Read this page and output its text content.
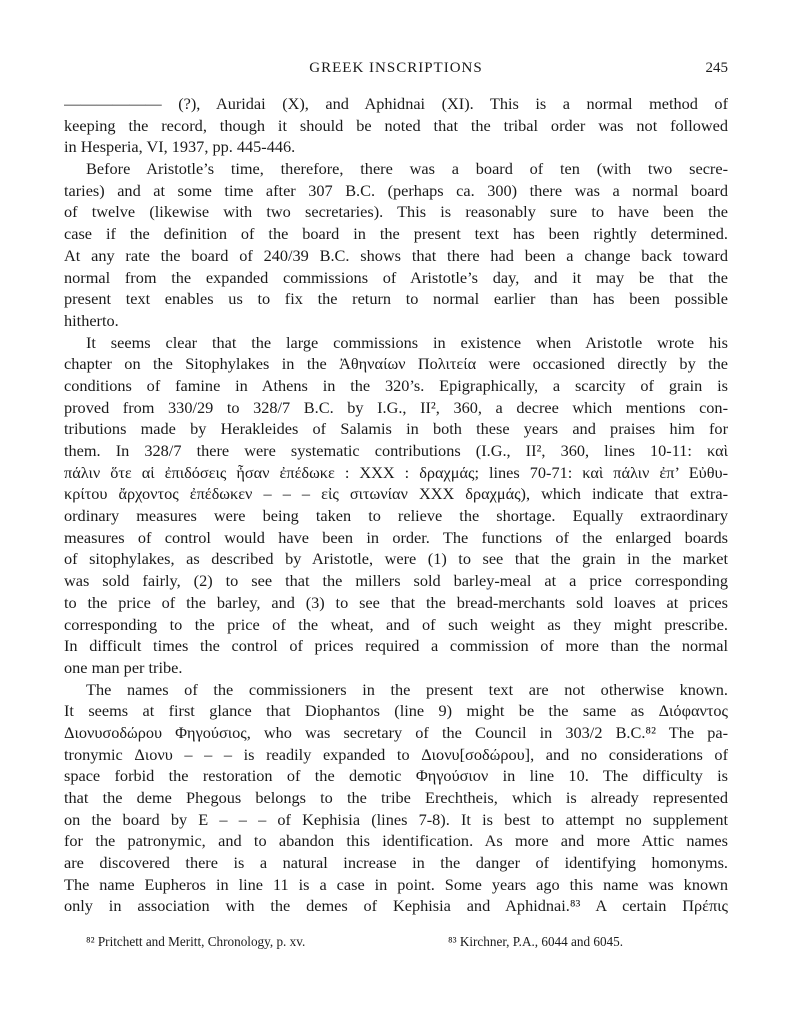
GREEK INSCRIPTIONS	245
—————— (?), Auridai (X), and Aphidnai (XI). This is a normal method of
keeping the record, though it should be noted that the tribal order was not followed
in Hesperia, VI, 1937, pp. 445-446.
Before Aristotle’s time, therefore, there was a board of ten (with two secre-
taries) and at some time after 307 B.C. (perhaps ca. 300) there was a normal board
of twelve (likewise with two secretaries). This is reasonably sure to have been the
case if the definition of the board in the present text has been rightly determined.
At any rate the board of 240/39 B.C. shows that there had been a change back toward
normal from the expanded commissions of Aristotle’s day, and it may be that the
present text enables us to fix the return to normal earlier than has been possible
hitherto.
It seems clear that the large commissions in existence when Aristotle wrote his
chapter on the Sitophylakes in the Ἀθηναίων Πολιτεία were occasioned directly by the
conditions of famine in Athens in the 320’s. Epigraphically, a scarcity of grain is
proved from 330/29 to 328/7 B.C. by I.G., II², 360, a decree which mentions con-
tributions made by Herakleides of Salamis in both these years and praises him for
them. In 328/7 there were systematic contributions (I.G., II², 360, lines 10-11: καὶ
πάλιν ὅτε αἱ ἐπιδόσεις ἦσαν ἐπέδωκε : XXX : δραχμάς; lines 70-71: καὶ πάλιν ἐπ’ Εὐθυ-
κρίτου ἄρχοντος ἐπέδωκεν – – – εἰς σιτωνίαν XXX δραχμάς), which indicate that extra-
ordinary measures were being taken to relieve the shortage. Equally extraordinary
measures of control would have been in order. The functions of the enlarged boards
of sitophylakes, as described by Aristotle, were (1) to see that the grain in the market
was sold fairly, (2) to see that the millers sold barley-meal at a price corresponding
to the price of the barley, and (3) to see that the bread-merchants sold loaves at prices
corresponding to the price of the wheat, and of such weight as they might prescribe.
In difficult times the control of prices required a commission of more than the normal
one man per tribe.
The names of the commissioners in the present text are not otherwise known.
It seems at first glance that Diophantos (line 9) might be the same as Διόφαντος
Διονυσοδώρου Φηγούσιος, who was secretary of the Council in 303/2 B.C.⁸² The pa-
tronymic Διονυ – – – is readily expanded to Διονυ[σοδώρου], and no considerations of
space forbid the restoration of the demotic Φηγούσιον in line 10. The difficulty is
that the deme Phegous belongs to the tribe Erechtheis, which is already represented
on the board by E – – – of Kephisia (lines 7-8). It is best to attempt no supplement
for the patronymic, and to abandon this identification. As more and more Attic names
are discovered there is a natural increase in the danger of identifying homonyms.
The name Eupheros in line 11 is a case in point. Some years ago this name was known
only in association with the demes of Kephisia and Aphidnai.⁸³ A certain Πρέπις
⁸² Pritchett and Meritt, Chronology, p. xv.	⁸³ Kirchner, P.A., 6044 and 6045.
